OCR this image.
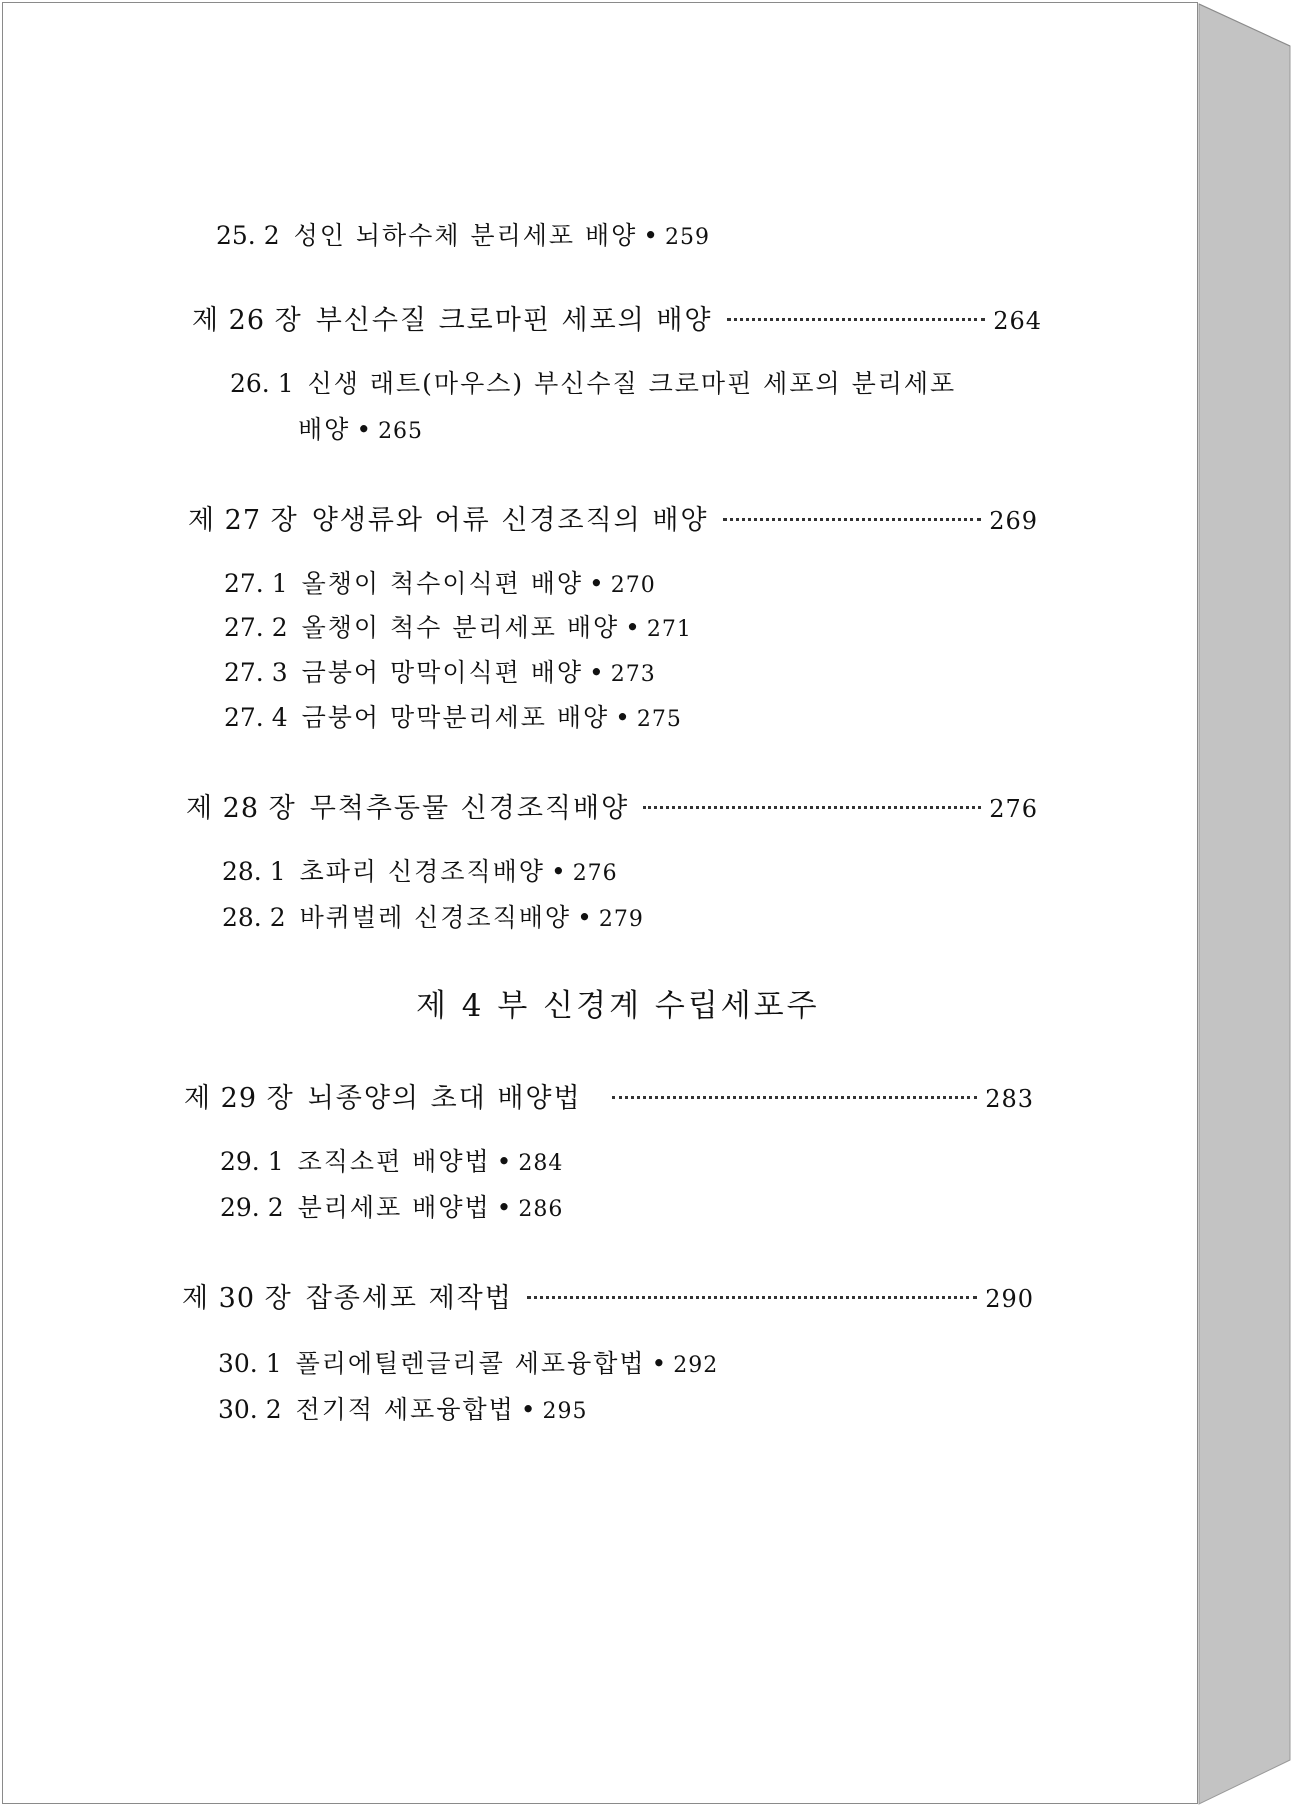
25. 2 성인 뇌하수체 분리세포 배양 • 259
제 26 장 부신수질 크로마핀 세포의 배양	264
26. 1 신생 래트(마우스) 부신수질 크로마핀 세포의 분리세포
배양 • 265
제 27 장 양생류와 어류 신경조직의 배양	269
27. 1 올챙이 척수이식편 배양 • 270
27. 2 올챙이 척수 분리세포 배양 • 271
27. 3 금붕어 망막이식편 배양 • 273
27. 4 금붕어 망막분리세포 배양 • 275
제 28 장 무척추동물 신경조직배양	276
28. 1 초파리 신경조직배양 • 276
28. 2 바퀴벌레 신경조직배양 • 279
제 4 부 신경계 수립세포주
제 29 장 뇌종양의 초대 배양법	283
29. 1 조직소편 배양법 • 284
29. 2 분리세포 배양법 • 286
제 30 장 잡종세포 제작법	290
30. 1 폴리에틸렌글리콜 세포융합법 • 292
30. 2 전기적 세포융합법 • 295
